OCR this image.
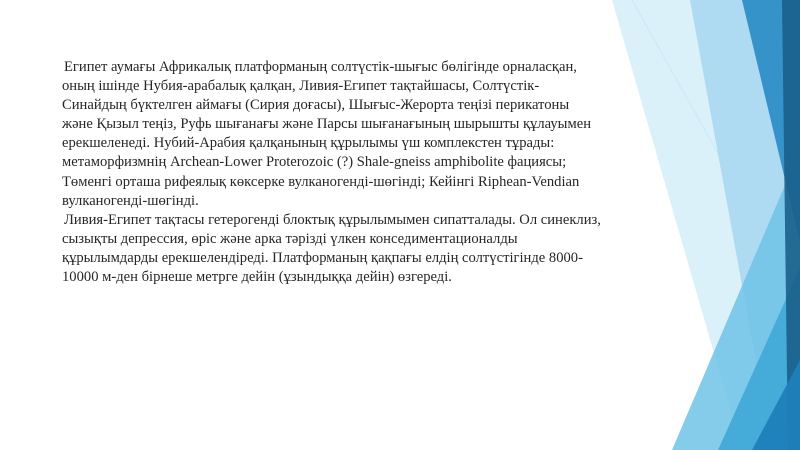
Египет аумағы Африкалық платформаның солтүстік-шығыс бөлігінде орналасқан, оның ішінде Нубия-арабалық қалқан, Ливия-Египет тақтайшасы, Солтүстік-Синайдың бүктелген аймағы (Сирия доғасы), Шығыс-Жерорта теңізі перикатоны және Қызыл теңіз, Руфь шығанағы және Парсы шығанағының шырышты құлауымен ерекшеленеді. Нубий-Арабия қалқанының құрылымы үш комплекстен тұрады: метаморфизмнің Archean-Lower Proterozoic (?) Shale-gneiss amphibolite фациясы; Төменгі орташа рифеялық көксерке вулканогенді-шөгінді; Кейінгі Riphean-Vendian вулканогенді-шөгінді.

Ливия-Египет тақтасы гетерогенді блоктық құрылымымен сипатталады. Ол синеклиз, сызықты депрессия, өріс және арка тәрізді үлкен конседиментационалды құрылымдарды ерекшелендіреді. Платформаның қақпағы елдің солтүстігінде 8000-10000 м-ден бірнеше метрге дейін (ұзындыққа дейін) өзгереді.
